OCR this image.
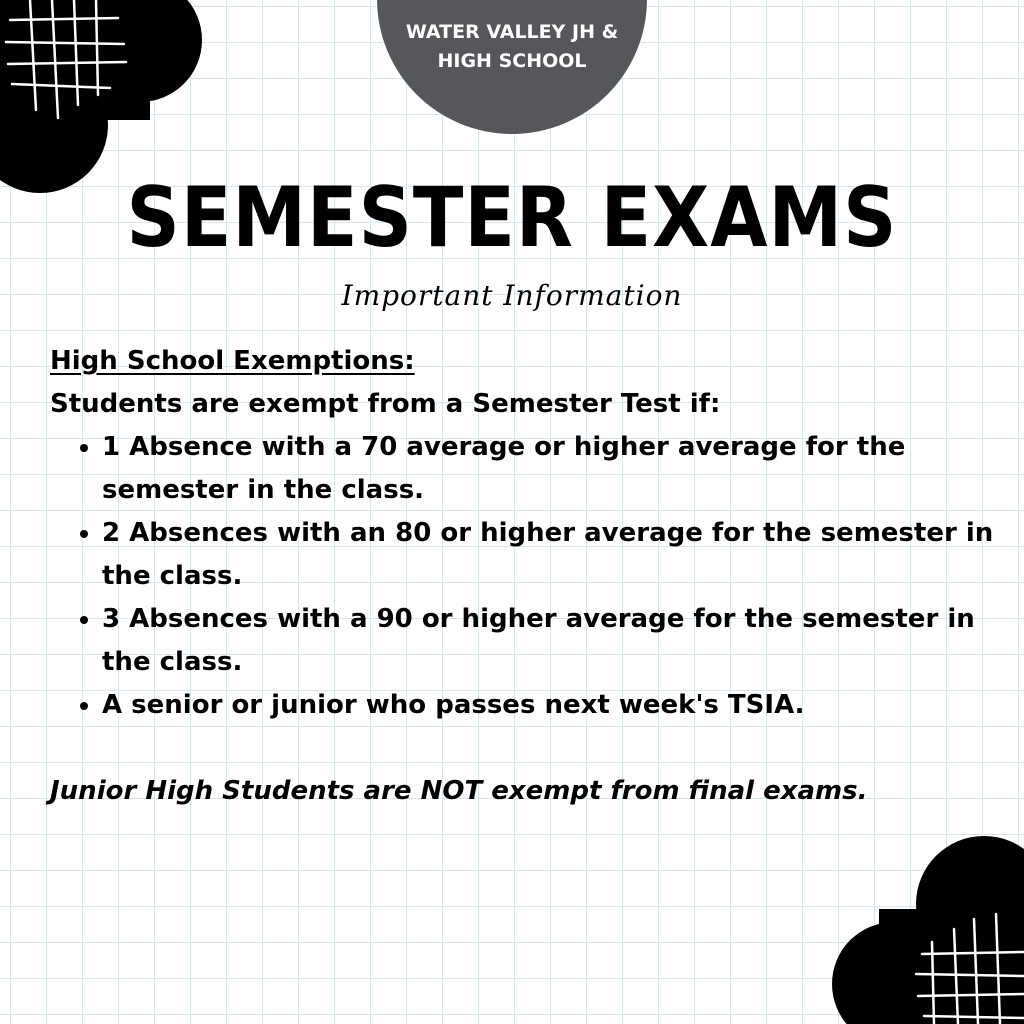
WATER VALLEY JH &
HIGH SCHOOL
SEMESTER EXAMS
Important Information
High School Exemptions:
Students are exempt from a Semester Test if:
• 1 Absence with a 70 average or higher average for the semester in the class.
• 2 Absences with an 80 or higher average for the semester in the class.
• 3 Absences with a 90 or higher average for the semester in the class.
• A senior or junior who passes next week's TSIA.
Junior High Students are NOT exempt from final exams.
